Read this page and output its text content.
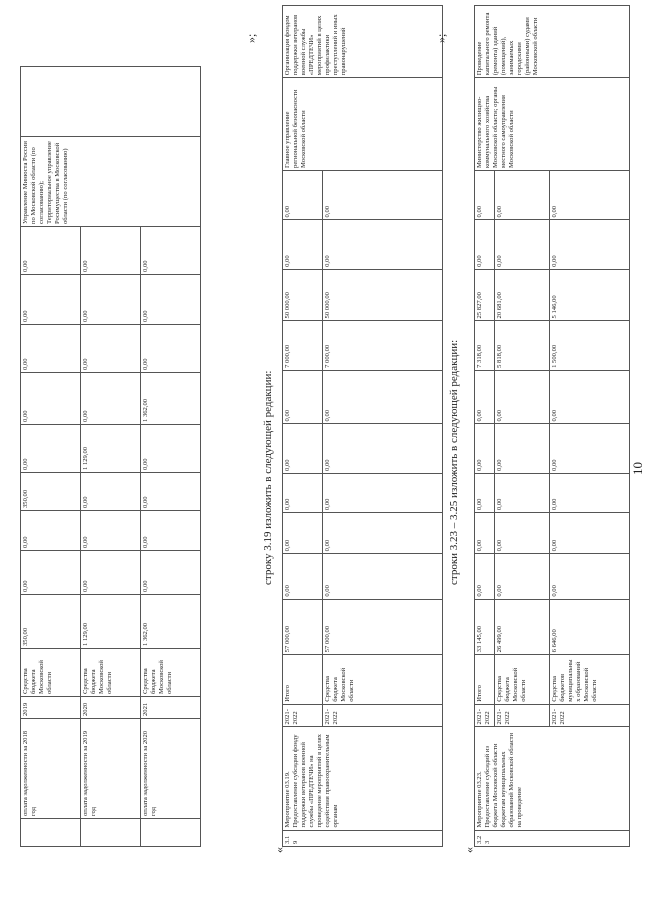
	оплата задолженности за 2018 год	2019	Средства бюджета Московской области	350,00	0,00	0,00	350,00	0,00	0,00	0,00	0,00	0,00	Управление Минюста России по Московской области (по согласованию); Территориальное управление Росимущества в Московской области (по согласованию)	
	оплата задолженности за 2019 год	2020	Средства бюджета Московской области	1 129,00	0,00	0,00	0,00	1 129,00	0,00	0,00	0,00	0,00		
	оплата задолженности за 2020 год	2021	Средства бюджета Московской области	1 362,00	0,00	0,00	0,00	0,00	1 362,00	0,00	0,00	0,00		
строку 3.19 изложить в следующей редакции:
«
»;
3.19	Мероприятие 03.19. Предоставление субсидии фонду поддержки ветеранов военной службы «ПРЕДТЕЧИ» на проведение мероприятий в целях содействия правоохранительным органам	2021-2022	Итого	57 000,00	0,00	0,00	0,00	0,00	0,00	7 000,00	50 000,00	0,00	0,00	Главное управление региональной безопасности Московской области	Организация фондом поддержки ветеранов военной службы «ПРЕДТЕЧИ» мероприятий в целях профилактики преступлений и иных правонарушений
		2021-2022	Средства бюджета Московской области	57 000,00	0,00	0,00	0,00	0,00	0,00	7 000,00	50 000,00	0,00	0,00		
строки 3.23 – 3.25 изложить в следующей редакции:
«
»;
3.23	Мероприятие 03.23. Предоставление субсидий из бюджета Московской области бюджетам муниципальных образований Московской области на проведение	2021-2022	Итого	33 145,00	0,00	0,00	0,00	0,00	0,00	7 318,00	25 827,00	0,00	0,00	Министерство жилищно-коммунального хозяйства Московской области; органы местного самоуправления Московской области	Проведение капитального ремонта (ремонта) зданий (помещений), занимаемых городскими (районными) судами Московской области
		2021-2022	Средства бюджета Московской области	26 499,00	0,00	0,00	0,00	0,00	0,00	5 818,00	20 681,00	0,00	0,00		
		2021-2022	Средства бюджетов муниципальных образований Московской области	6 646,00	0,00	0,00	0,00	0,00	0,00	1 500,00	5 146,00	0,00	0,00		
10
